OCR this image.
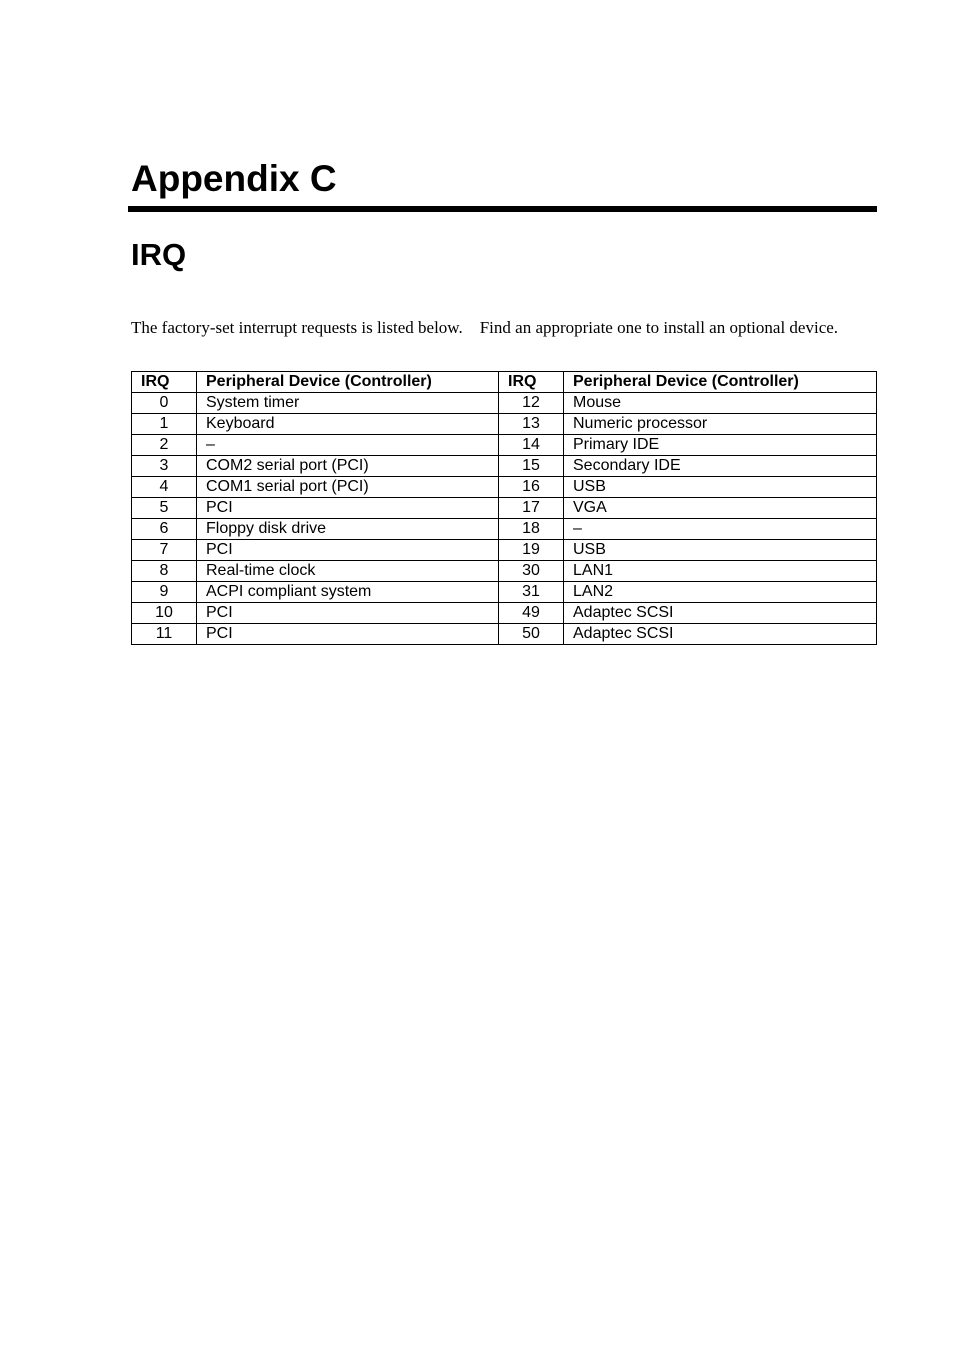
Appendix C
IRQ

The factory-set interrupt requests is listed below.    Find an appropriate one to install an optional device.

IRQ	Peripheral Device (Controller)	IRQ	Peripheral Device (Controller)
0	System timer	12	Mouse
1	Keyboard	13	Numeric processor
2	–	14	Primary IDE
3	COM2 serial port (PCI)	15	Secondary IDE
4	COM1 serial port (PCI)	16	USB
5	PCI	17	VGA
6	Floppy disk drive	18	–
7	PCI	19	USB
8	Real-time clock	30	LAN1
9	ACPI compliant system	31	LAN2
10	PCI	49	Adaptec SCSI
11	PCI	50	Adaptec SCSI
